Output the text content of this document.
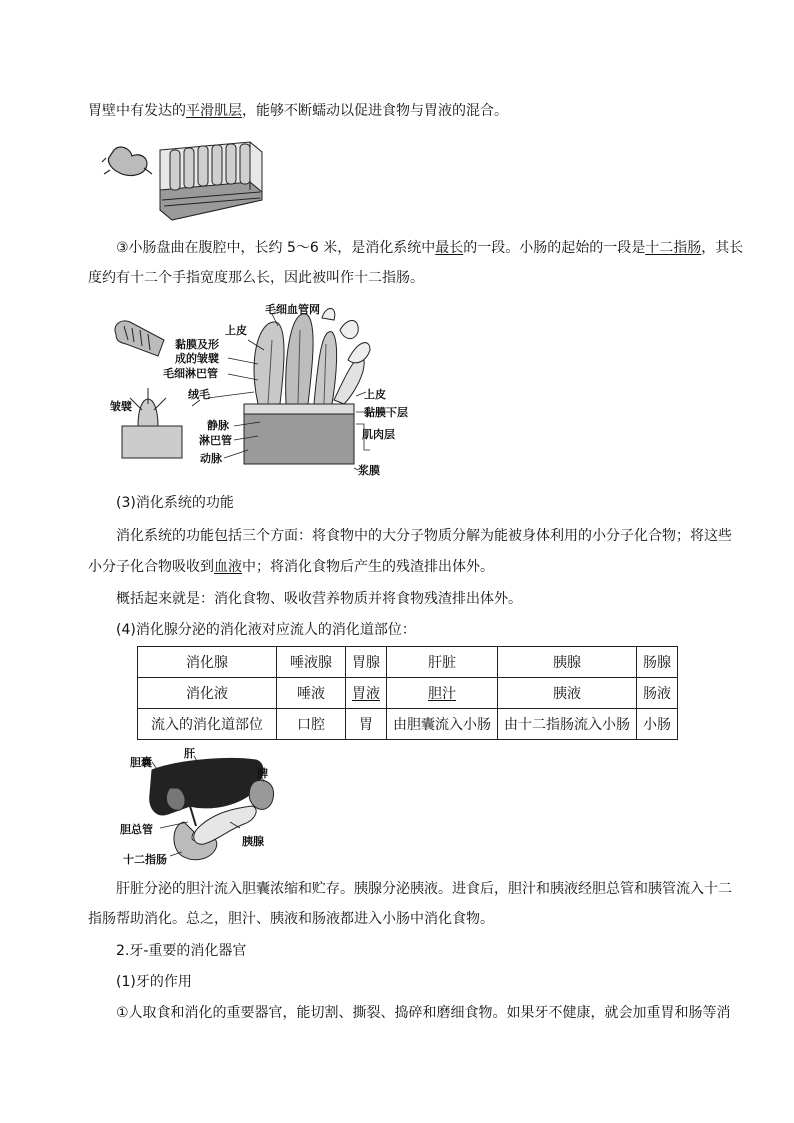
胃壁中有发达的平滑肌层，能够不断蠕动以促进食物与胃液的混合。
③小肠盘曲在腹腔中，长约 5～6 米，是消化系统中最长的一段。小肠的起始的一段是十二指肠，其长
度约有十二个手指宽度那么长，因此被叫作十二指肠。
毛细血管网
上皮
黏膜及形
成的皱襞
毛细淋巴管
绒毛
皱襞
静脉
淋巴管
动脉
上皮
黏膜下层
肌肉层
浆膜
(3)消化系统的功能
消化系统的功能包括三个方面：将食物中的大分子物质分解为能被身体利用的小分子化合物；将这些
小分子化合物吸收到血液中；将消化食物后产生的残渣排出体外。
概括起来就是：消化食物、吸收营养物质并将食物残渣排出体外。
(4)消化腺分泌的消化液对应流人的消化道部位：
消化腺	唾液腺	胃腺	肝脏	胰腺	肠腺
消化液	唾液	胃液	胆汁	胰液	肠液
流入的消化道部位	口腔	胃	由胆囊流入小肠	由十二指肠流入小肠	小肠
胆囊
肝
脾
胆总管
胰腺
十二指肠
肝脏分泌的胆汁流入胆囊浓缩和贮存。胰腺分泌胰液。进食后，胆汁和胰液经胆总管和胰管流入十二
指肠帮助消化。总之，胆汁、胰液和肠液都进入小肠中消化食物。
2.牙-重要的消化器官
(1)牙的作用
①人取食和消化的重要器官，能切割、撕裂、捣碎和磨细食物。如果牙不健康，就会加重胃和肠等消
